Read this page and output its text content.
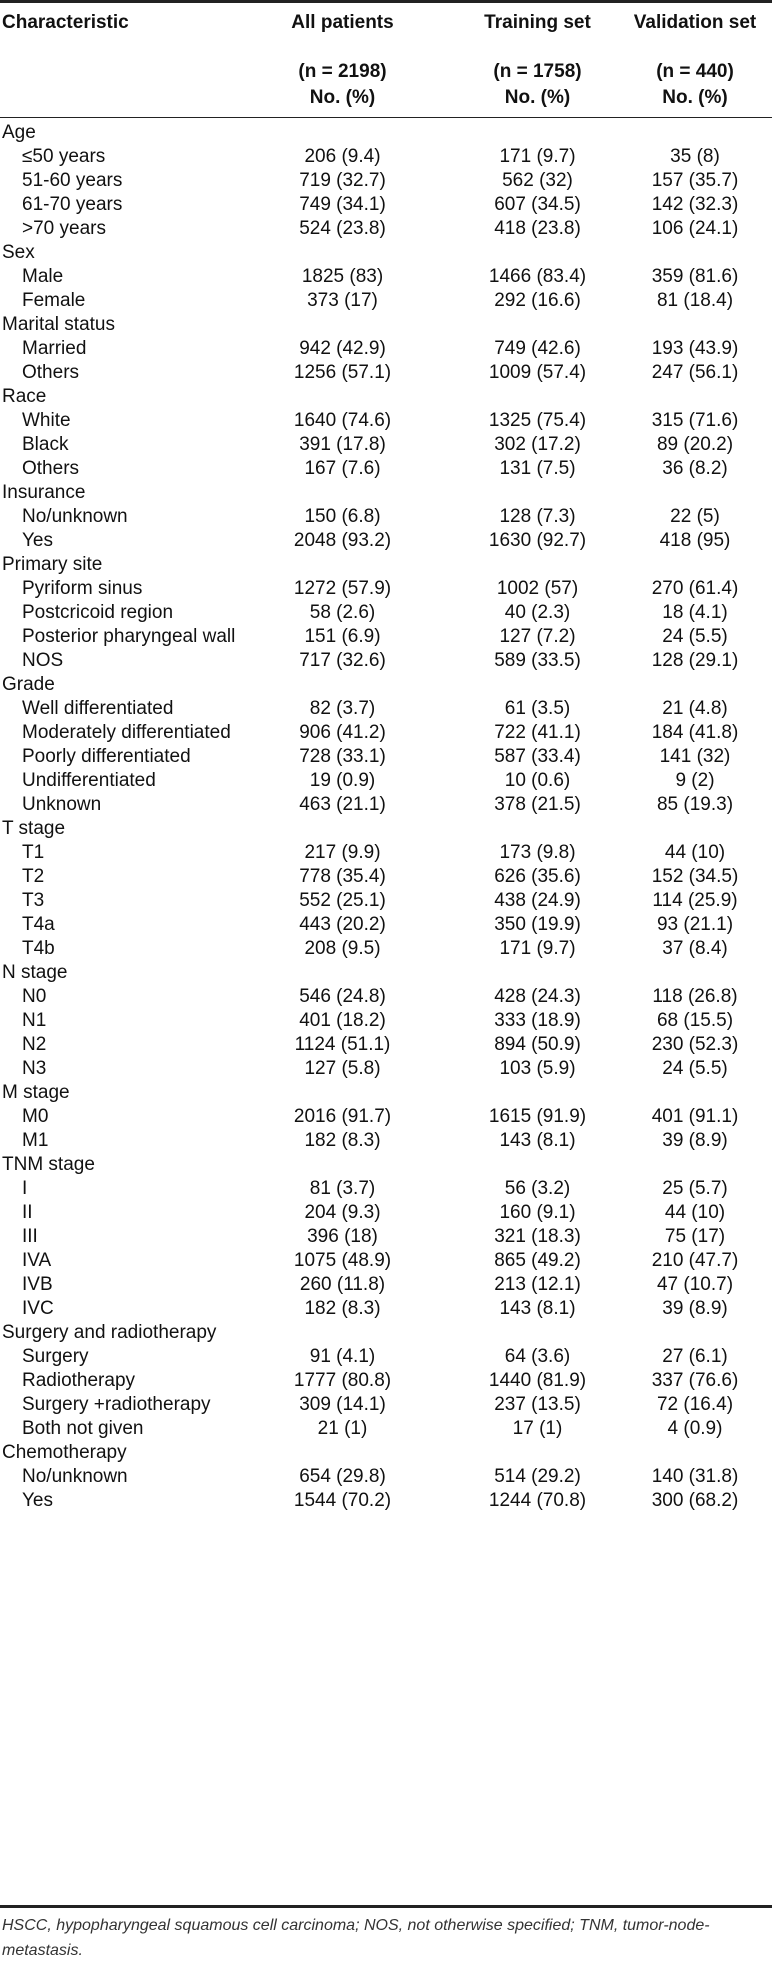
Characteristic	All patients	Training set	Validation set
(n = 2198)	(n = 1758)	(n = 440)
No. (%)	No. (%)	No. (%)
Age
≤50 years	206 (9.4)	171 (9.7)	35 (8)
51-60 years	719 (32.7)	562 (32)	157 (35.7)
61-70 years	749 (34.1)	607 (34.5)	142 (32.3)
>70 years	524 (23.8)	418 (23.8)	106 (24.1)
Sex
Male	1825 (83)	1466 (83.4)	359 (81.6)
Female	373 (17)	292 (16.6)	81 (18.4)
Marital status
Married	942 (42.9)	749 (42.6)	193 (43.9)
Others	1256 (57.1)	1009 (57.4)	247 (56.1)
Race
White	1640 (74.6)	1325 (75.4)	315 (71.6)
Black	391 (17.8)	302 (17.2)	89 (20.2)
Others	167 (7.6)	131 (7.5)	36 (8.2)
Insurance
No/unknown	150 (6.8)	128 (7.3)	22 (5)
Yes	2048 (93.2)	1630 (92.7)	418 (95)
Primary site
Pyriform sinus	1272 (57.9)	1002 (57)	270 (61.4)
Postcricoid region	58 (2.6)	40 (2.3)	18 (4.1)
Posterior pharyngeal wall	151 (6.9)	127 (7.2)	24 (5.5)
NOS	717 (32.6)	589 (33.5)	128 (29.1)
Grade
Well differentiated	82 (3.7)	61 (3.5)	21 (4.8)
Moderately differentiated	906 (41.2)	722 (41.1)	184 (41.8)
Poorly differentiated	728 (33.1)	587 (33.4)	141 (32)
Undifferentiated	19 (0.9)	10 (0.6)	9 (2)
Unknown	463 (21.1)	378 (21.5)	85 (19.3)
T stage
T1	217 (9.9)	173 (9.8)	44 (10)
T2	778 (35.4)	626 (35.6)	152 (34.5)
T3	552 (25.1)	438 (24.9)	114 (25.9)
T4a	443 (20.2)	350 (19.9)	93 (21.1)
T4b	208 (9.5)	171 (9.7)	37 (8.4)
N stage
N0	546 (24.8)	428 (24.3)	118 (26.8)
N1	401 (18.2)	333 (18.9)	68 (15.5)
N2	1124 (51.1)	894 (50.9)	230 (52.3)
N3	127 (5.8)	103 (5.9)	24 (5.5)
M stage
M0	2016 (91.7)	1615 (91.9)	401 (91.1)
M1	182 (8.3)	143 (8.1)	39 (8.9)
TNM stage
I	81 (3.7)	56 (3.2)	25 (5.7)
II	204 (9.3)	160 (9.1)	44 (10)
III	396 (18)	321 (18.3)	75 (17)
IVA	1075 (48.9)	865 (49.2)	210 (47.7)
IVB	260 (11.8)	213 (12.1)	47 (10.7)
IVC	182 (8.3)	143 (8.1)	39 (8.9)
Surgery and radiotherapy
Surgery	91 (4.1)	64 (3.6)	27 (6.1)
Radiotherapy	1777 (80.8)	1440 (81.9)	337 (76.6)
Surgery +radiotherapy	309 (14.1)	237 (13.5)	72 (16.4)
Both not given	21 (1)	17 (1)	4 (0.9)
Chemotherapy
No/unknown	654 (29.8)	514 (29.2)	140 (31.8)
Yes	1544 (70.2)	1244 (70.8)	300 (68.2)
HSCC, hypopharyngeal squamous cell carcinoma; NOS, not otherwise specified; TNM, tumor-node-metastasis.
